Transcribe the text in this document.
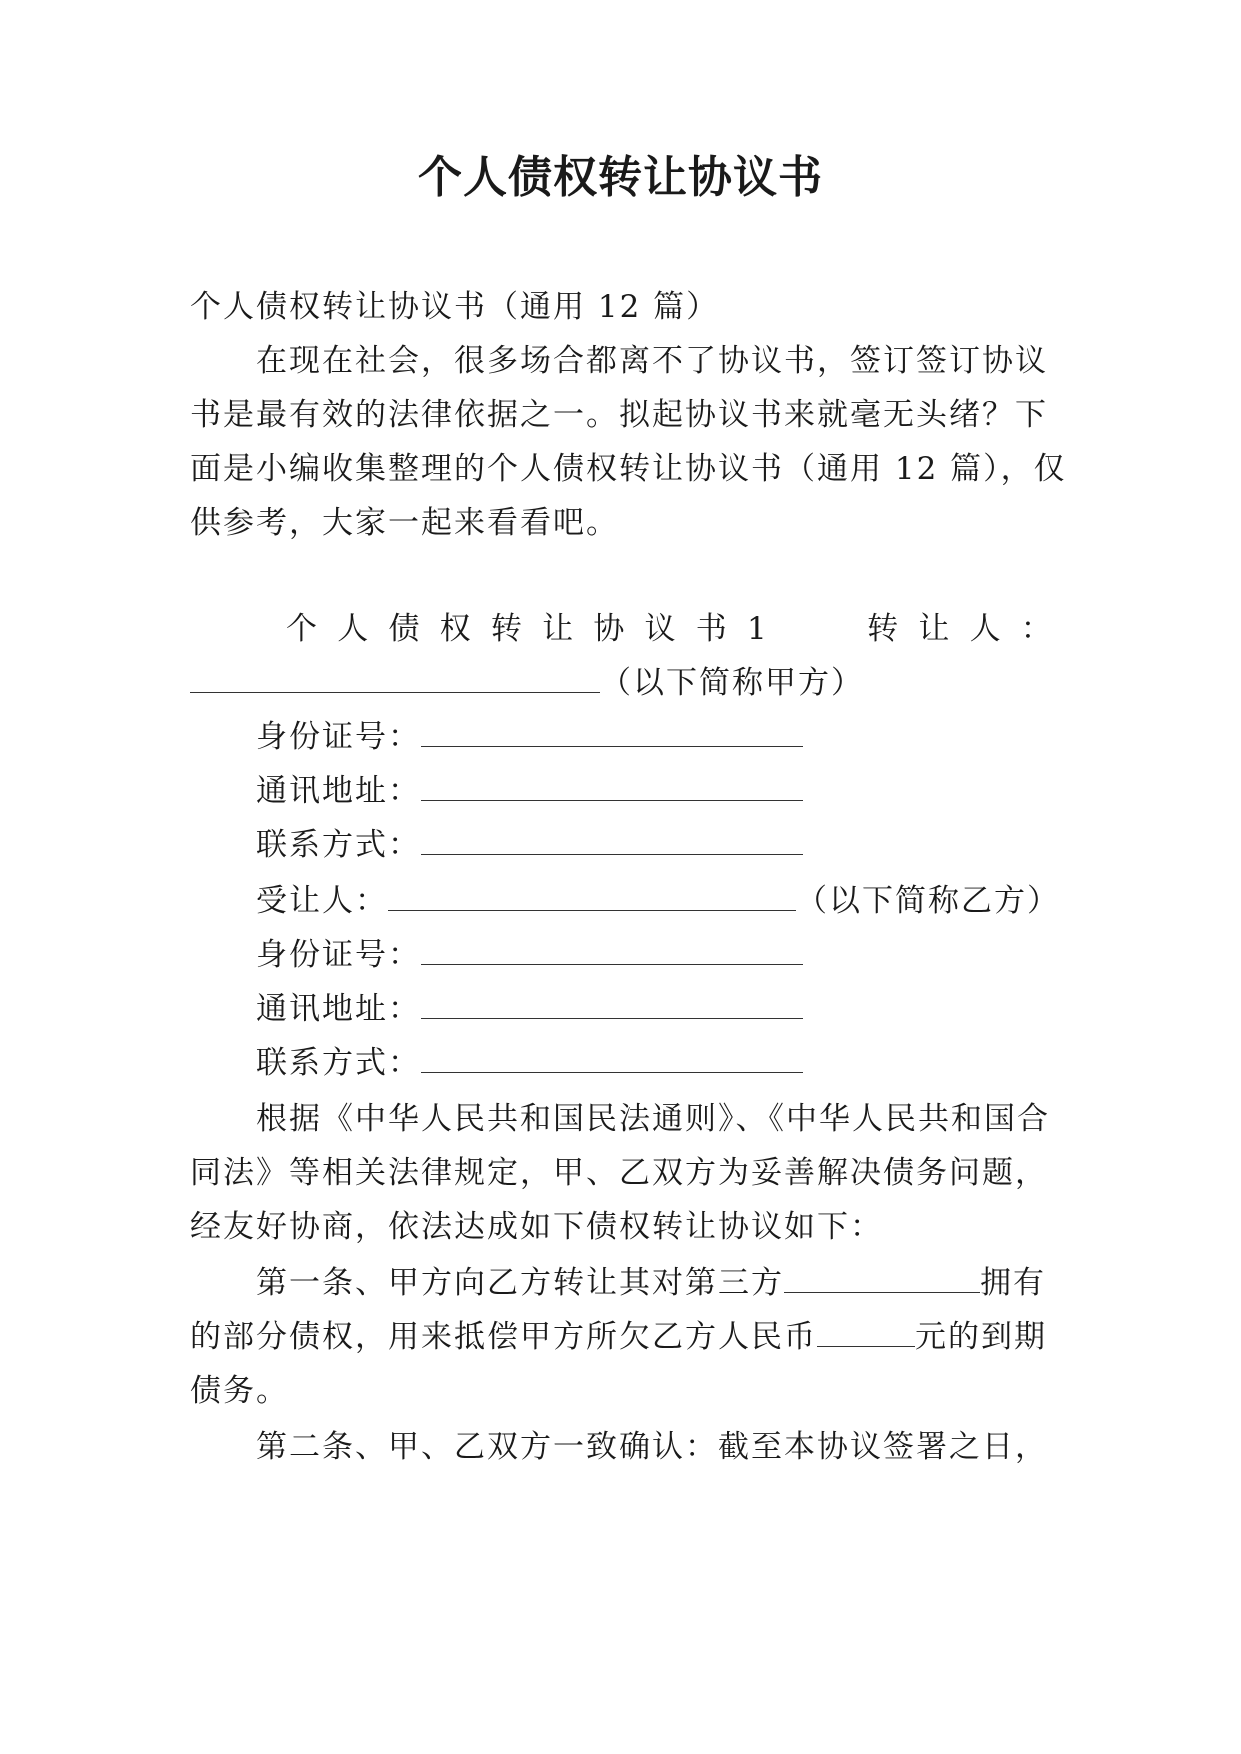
个人债权转让协议书
个人债权转让协议书（通用 12 篇）
在现在社会，很多场合都离不了协议书，签订签订协议
书是最有效的法律依据之一。拟起协议书来就毫无头绪？下
面是小编收集整理的个人债权转让协议书（通用 12 篇），仅
供参考，大家一起来看看吧。
个 人 债 权 转 让 协 议 书 1	转 让 人 ：
（以下简称甲方）
身份证号：
通讯地址：
联系方式：
受让人：	（以下简称乙方）
身份证号：
通讯地址：
联系方式：
根据《中华人民共和国民法通则》、《中华人民共和国合
同法》等相关法律规定，甲、乙双方为妥善解决债务问题，
经友好协商，依法达成如下债权转让协议如下：
第一条、甲方向乙方转让其对第三方	拥有
的部分债权，用来抵偿甲方所欠乙方人民币	元的到期
债务。
第二条、甲、乙双方一致确认：截至本协议签署之日，
